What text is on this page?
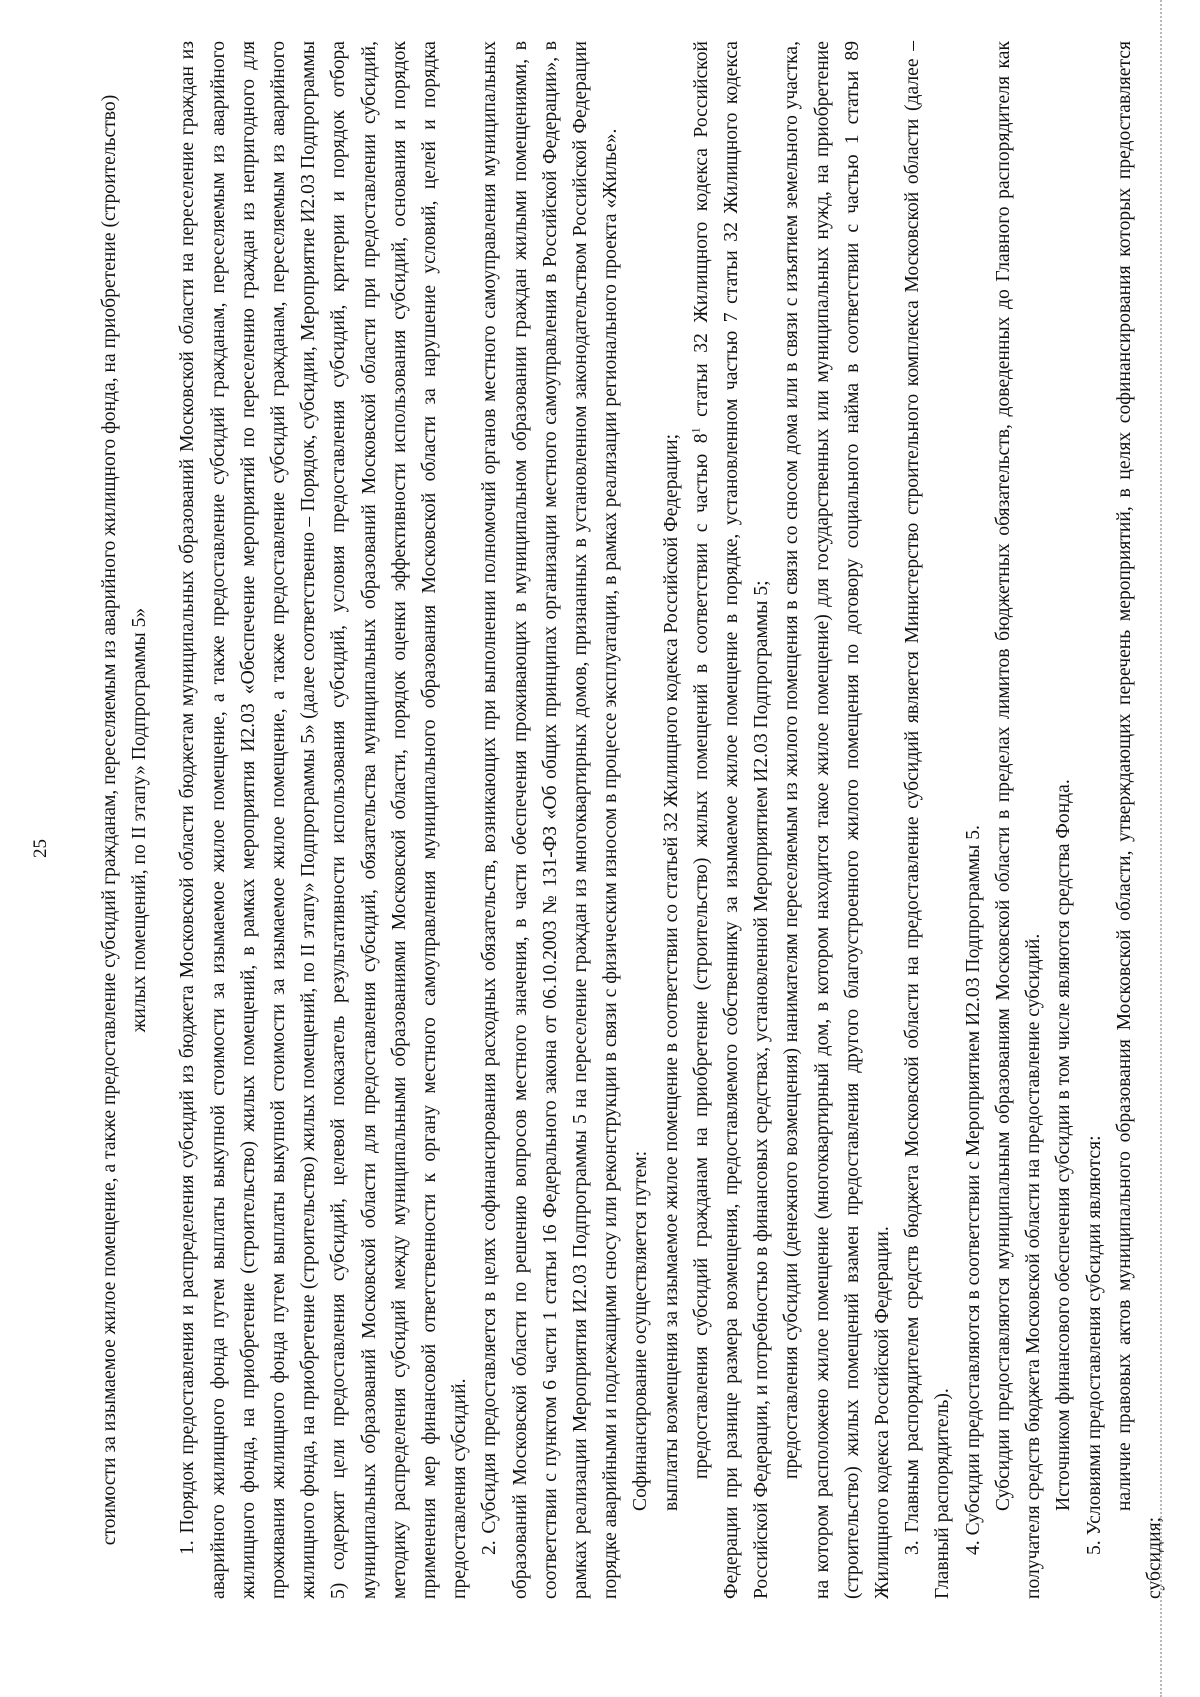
25 стоимости за изымаемое жилое помещение, а также предоставление субсидий гражданам, переселяемым из аварийного жилищного фонда, на приобретение (строительство) жилых помещений, по II этапу» Подпрограммы 5»	1. Порядок предоставления и распределения субсидий из бюджета Московской области бюджетам муниципальных образований Московской области на переселение граждан из аварийного жилищного фонда путем выплаты выкупной стоимости за изымаемое жилое помещение, а также предоставление субсидий гражданам, переселяемым из аварийного жилищного фонда, на приобретение (строительство) жилых помещений, в рамках мероприятия И2.03 «Обеспечение мероприятий по переселению граждан из непригодного для проживания жилищного фонда путем выплаты выкупной стоимости за изымаемое жилое помещение, а также предоставление субсидий гражданам, переселяемым из аварийного жилищного фонда, на приобретение (строительство) жилых помещений, по II этапу» Подпрограммы 5» (далее соответственно – Порядок, субсидии, Мероприятие И2.03 Подпрограммы 5) содержит цели предоставления субсидий, целевой показатель результативности использования субсидий, условия предоставления субсидий, критерии и порядок отбора муниципальных образований Московской области для предоставления субсидий, обязательства муниципальных образований Московской области при предоставлении субсидий, методику распределения субсидий между муниципальными образованиями Московской области, порядок оценки эффективности использования субсидий, основания и порядок применения мер финансовой ответственности к органу местного самоуправления муниципального образования Московской области за нарушение условий, целей и порядка предоставления субсидий. 2. Субсидия предоставляется в целях софинансирования расходных обязательств, возникающих при выполнении полномочий органов местного самоуправления муниципальных образований Московской области по решению вопросов местного значения, в части обеспечения проживающих в муниципальном образовании граждан жилыми помещениями, в соответствии с пунктом 6 части 1 статьи 16 Федерального закона от 06.10.2003 № 131-ФЗ «Об общих принципах организации местного самоуправления в Российской Федерации», в рамках реализации Мероприятия И2.03 Подпрограммы 5 на переселение граждан из многоквартирных домов, признанных в установленном законодательством Российской Федерации порядке аварийными и подлежащими сносу или реконструкции в связи с физическим износом в процессе эксплуатации, в рамках реализации регионального проекта «Жилье». Софинансирование осуществляется путем: выплаты возмещения за изымаемое жилое помещение в соответствии со статьей 32 Жилищного кодекса Российской Федерации; предоставления субсидий гражданам на приобретение (строительство) жилых помещений в соответствии с частью $8^1$ статьи 32 Жилищного кодекса Российской Федерации при разнице размера возмещения, предоставляемого собственнику за изымаемое жилое помещение в порядке, установленном частью 7 статьи 32 Жилищного кодекса Российской Федерации, и потребностью в финансовых средствах, установленной Мероприятием И2.03 Подпрограммы 5; предоставления субсидии (денежного возмещения) нанимателям переселяемым из жилого помещения в связи со сносом дома или в связи с изъятием земельного участка, на котором расположено жилое помещение (многоквартирный дом, в котором находится такое жилое помещение) для государственных или муниципальных нужд, на приобретение (строительство) жилых помещений взамен предоставления другого благоустроенного жилого помещения по договору социального найма в соответствии с частью 1 статьи 89 Жилищного кодекса Российской Федерации. 3. Главным распорядителем средств бюджета Московской области на предоставление субсидий является Министерство строительного комплекса Московской области (далее – Главный распорядитель). 4. Субсидии предоставляются в соответствии с Мероприятием И2.03 Подпрограммы 5. Субсидии предоставляются муниципальным образованиям Московской области в пределах лимитов бюджетных обязательств, доведенных до Главного распорядителя как получателя средств бюджета Московской области на предоставление субсидий. Источником финансового обеспечения субсидии в том числе являются средства Фонда. 5. Условиями предоставления субсидии являются: наличие правовых актов муниципального образования Московской области, утверждающих перечень мероприятий, в целях софинансирования которых предоставляется субсидия;
